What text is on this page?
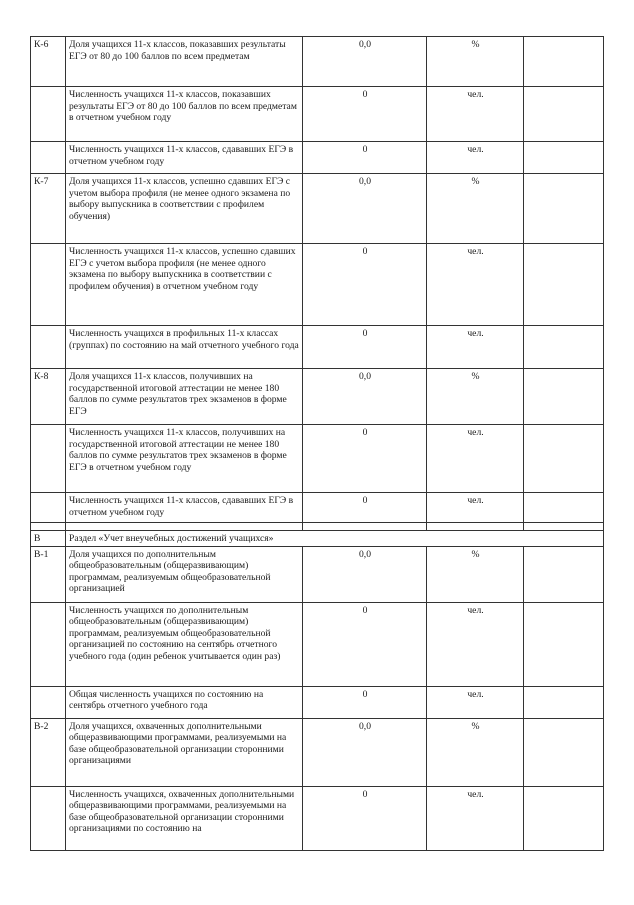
К-6	Доля учащихся 11-х классов, показавших результаты ЕГЭ от 80 до 100 баллов по всем предметам	0,0	%	
	Численность учащихся 11-х классов, показавших результаты ЕГЭ от 80 до 100 баллов по всем предметам в отчетном учебном году	0	чел.	
	Численность учащихся 11-х классов, сдававших ЕГЭ в отчетном учебном году	0	чел.	
К-7	Доля учащихся 11-х классов, успешно сдавших ЕГЭ с учетом выбора профиля (не менее одного экзамена по выбору выпускника в соответствии с профилем обучения)	0,0	%	
	Численность учащихся 11-х классов, успешно сдавших ЕГЭ с учетом выбора профиля (не менее одного экзамена по выбору выпускника в соответствии с профилем обучения) в отчетном учебном году	0	чел.	
	Численность учащихся в профильных 11-х классах (группах) по состоянию на май отчетного учебного года	0	чел.	
К-8	Доля учащихся 11-х классов, получивших на государственной итоговой аттестации не менее 180 баллов по сумме результатов трех экзаменов в форме ЕГЭ	0,0	%	
	Численность учащихся 11-х классов, получивших на государственной итоговой аттестации не менее 180 баллов по сумме результатов трех экзаменов в форме ЕГЭ в отчетном учебном году	0	чел.	
	Численность учащихся 11-х классов, сдававших ЕГЭ в отчетном учебном году	0	чел.	

В	Раздел «Учет внеучебных достижений учащихся»			
В-1	Доля учащихся по дополнительным общеобразовательным (общеразвивающим) программам, реализуемым общеобразовательной организацией	0,0	%	
	Численность учащихся по дополнительным общеобразовательным (общеразвивающим) программам, реализуемым общеобразовательной организацией по состоянию на сентябрь отчетного учебного года (один ребенок учитывается один раз)	0	чел.	
	Общая численность учащихся по состоянию на сентябрь отчетного учебного года	0	чел.	
В-2	Доля учащихся, охваченных дополнительными общеразвивающими программами, реализуемыми на базе общеобразовательной организации сторонними организациями	0,0	%	
	Численность учащихся, охваченных дополнительными общеразвивающими программами, реализуемыми на базе общеобразовательной организации сторонними организациями по состоянию на	0	чел.	
